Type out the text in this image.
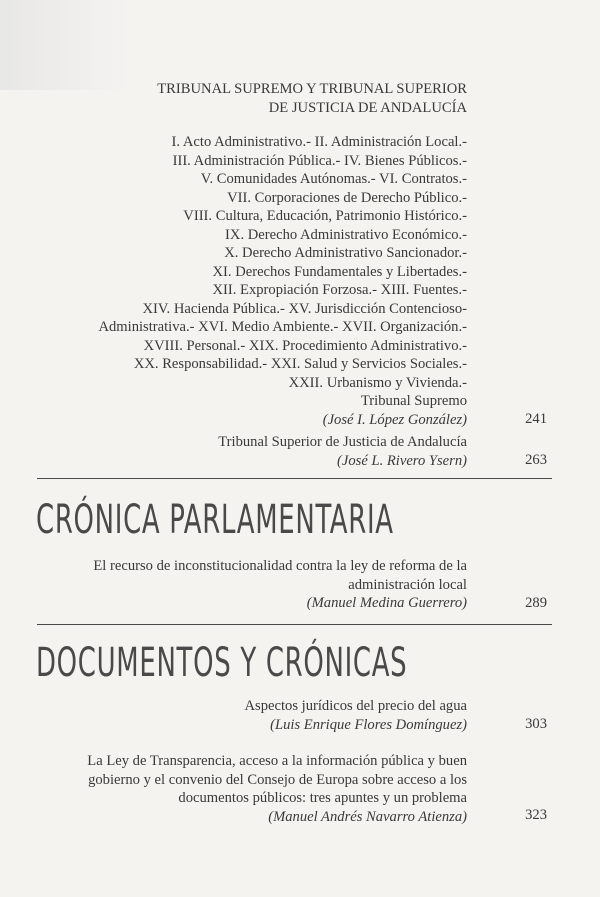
TRIBUNAL SUPREMO Y TRIBUNAL SUPERIOR
DE JUSTICIA DE ANDALUCÍA
I. Acto Administrativo.- II. Administración Local.-
III. Administración Pública.- IV. Bienes Públicos.-
V. Comunidades Autónomas.- VI. Contratos.-
VII. Corporaciones de Derecho Público.-
VIII. Cultura, Educación, Patrimonio Histórico.-
IX. Derecho Administrativo Económico.-
X. Derecho Administrativo Sancionador.-
XI. Derechos Fundamentales y Libertades.-
XII. Expropiación Forzosa.- XIII. Fuentes.-
XIV. Hacienda Pública.- XV. Jurisdicción Contencioso-
Administrativa.- XVI. Medio Ambiente.- XVII. Organización.-
XVIII. Personal.- XIX. Procedimiento Administrativo.-
XX. Responsabilidad.- XXI. Salud y Servicios Sociales.-
XXII. Urbanismo y Vivienda.-
Tribunal Supremo
(José I. López González)	241
Tribunal Superior de Justicia de Andalucía
(José L. Rivero Ysern)	263
CRÓNICA PARLAMENTARIA
El recurso de inconstitucionalidad contra la ley de reforma de la
administración local
(Manuel Medina Guerrero)	289
DOCUMENTOS Y CRÓNICAS
Aspectos jurídicos del precio del agua
(Luis Enrique Flores Domínguez)	303
La Ley de Transparencia, acceso a la información pública y buen
gobierno y el convenio del Consejo de Europa sobre acceso a los
documentos públicos: tres apuntes y un problema
(Manuel Andrés Navarro Atienza)	323
